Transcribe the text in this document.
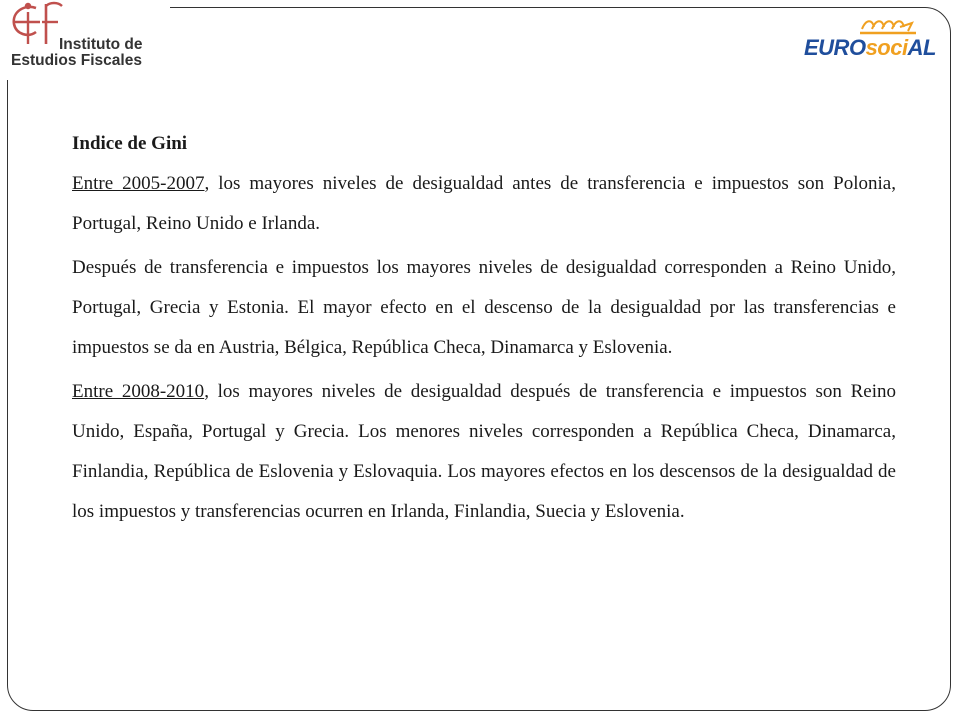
Instituto de
Estudios Fiscales
EUROsociAL
Indice de Gini

Entre 2005-2007, los mayores niveles de desigualdad antes de transferencia e impuestos son Polonia, Portugal, Reino Unido e Irlanda.

Después de transferencia e impuestos los mayores niveles de desigualdad corresponden a Reino Unido, Portugal, Grecia y Estonia. El mayor efecto en el descenso de la desigualdad por las transferencias e impuestos se da en Austria, Bélgica, República Checa, Dinamarca y Eslovenia.

Entre 2008-2010, los mayores niveles de desigualdad después de transferencia e impuestos son Reino Unido, España, Portugal y Grecia. Los menores niveles corresponden a República Checa, Dinamarca, Finlandia, República de Eslovenia y Eslovaquia. Los mayores efectos en los descensos de la desigualdad de los impuestos y transferencias ocurren en Irlanda, Finlandia, Suecia y Eslovenia.
